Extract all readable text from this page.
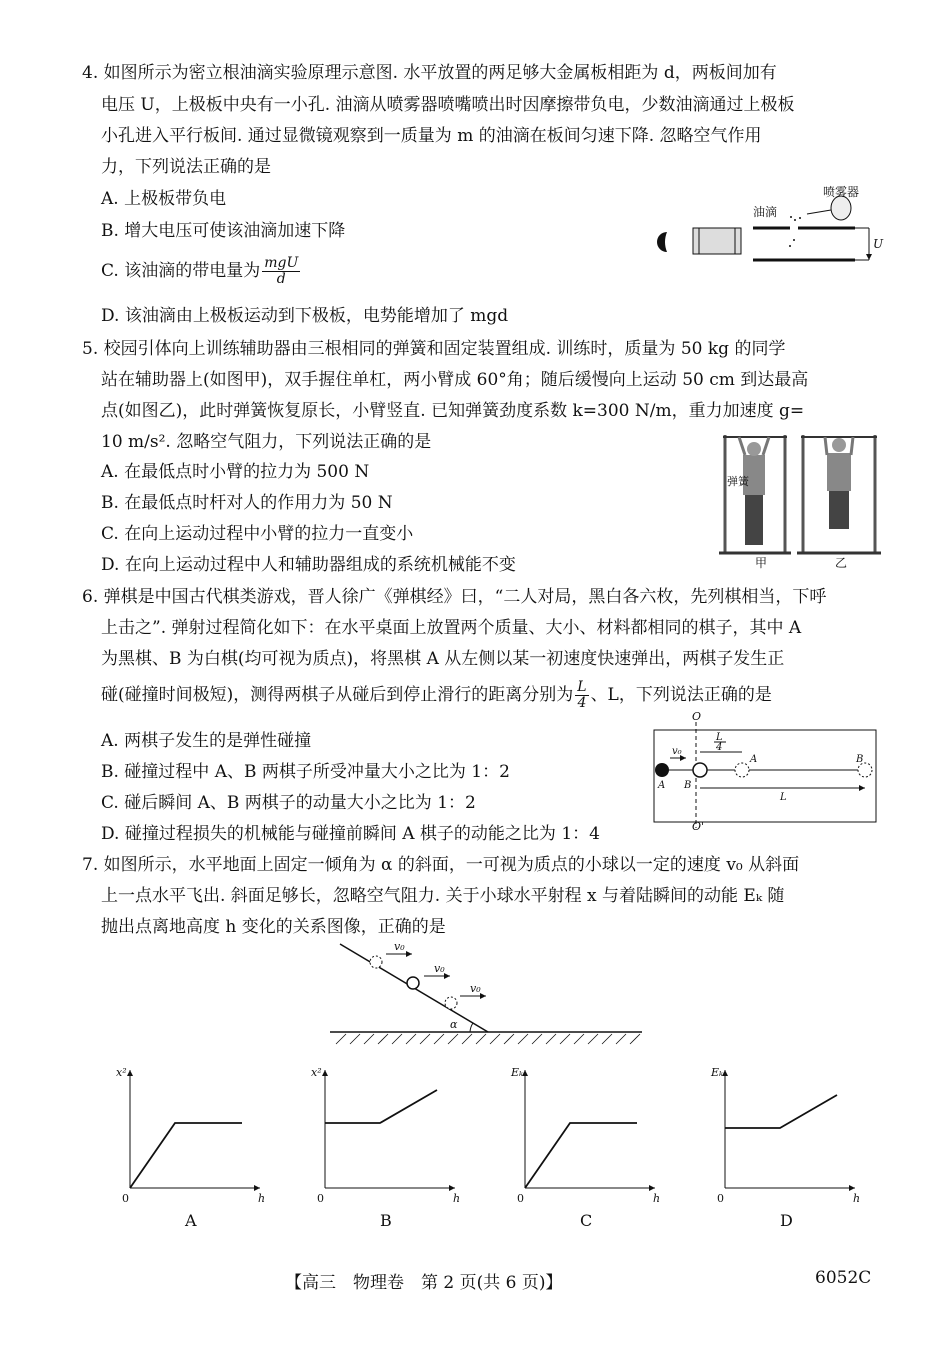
4. 如图所示为密立根油滴实验原理示意图. 水平放置的两足够大金属板相距为 d，两板间加有
电压 U，上极板中央有一小孔. 油滴从喷雾器喷嘴喷出时因摩擦带负电，少数油滴通过上极板
小孔进入平行板间. 通过显微镜观察到一质量为 m 的油滴在板间匀速下降. 忽略空气作用
力，下列说法正确的是
A. 上极板带负电
B. 增大电压可使该油滴加速下降
C. 该油滴的带电量为 $\frac{\text{mgU}}{d}$
D. 该油滴由上极板运动到下极板，电势能增加了 mgd
喷雾器
油滴
U
5. 校园引体向上训练辅助器由三根相同的弹簧和固定装置组成. 训练时，质量为 50 kg 的同学
站在辅助器上(如图甲)，双手握住单杠，两小臂成 60°角；随后缓慢向上运动 50 cm 到达最高
点(如图乙)，此时弹簧恢复原长，小臂竖直. 已知弹簧劲度系数 k=300 N/m，重力加速度 g=
10 m/s². 忽略空气阻力，下列说法正确的是
A. 在最低点时小臂的拉力为 500 N
B. 在最低点时杆对人的作用力为 50 N
C. 在向上运动过程中小臂的拉力一直变小
D. 在向上运动过程中人和辅助器组成的系统机械能不变
弹簧
甲	乙
6. 弹棋是中国古代棋类游戏，晋人徐广《弹棋经》曰，“二人对局，黑白各六枚，先列棋相当，下呼
上击之”. 弹射过程简化如下：在水平桌面上放置两个质量、大小、材料都相同的棋子，其中 A
为黑棋、B 为白棋(均可视为质点)，将黑棋 A 从左侧以某一初速度快速弹出，两棋子发生正
碰(碰撞时间极短)，测得两棋子从碰后到停止滑行的距离分别为 $\frac{L}{4}$ 、L，下列说法正确的是
A. 两棋子发生的是弹性碰撞
B. 碰撞过程中 A、B 两棋子所受冲量大小之比为 1：2
C. 碰后瞬间 A、B 两棋子的动量大小之比为 1：2
D. 碰撞过程损失的机械能与碰撞前瞬间 A 棋子的动能之比为 1：4
O
O'
v₀
L
4
A
A B
B
L
7. 如图所示，水平地面上固定一倾角为 α 的斜面，一可视为质点的小球以一定的速度 v₀ 从斜面
上一点水平飞出. 斜面足够长，忽略空气阻力. 关于小球水平射程 x 与着陆瞬间的动能 Eₖ 随
抛出点离地高度 h 变化的关系图像，正确的是
v₀
v₀
v₀
α
x²
h
0
A
x²
h
0
B
Eₖ
h
0
C
Eₖ
h
0
D
【高三　物理卷　第 2 页(共 6 页)】	6052C
